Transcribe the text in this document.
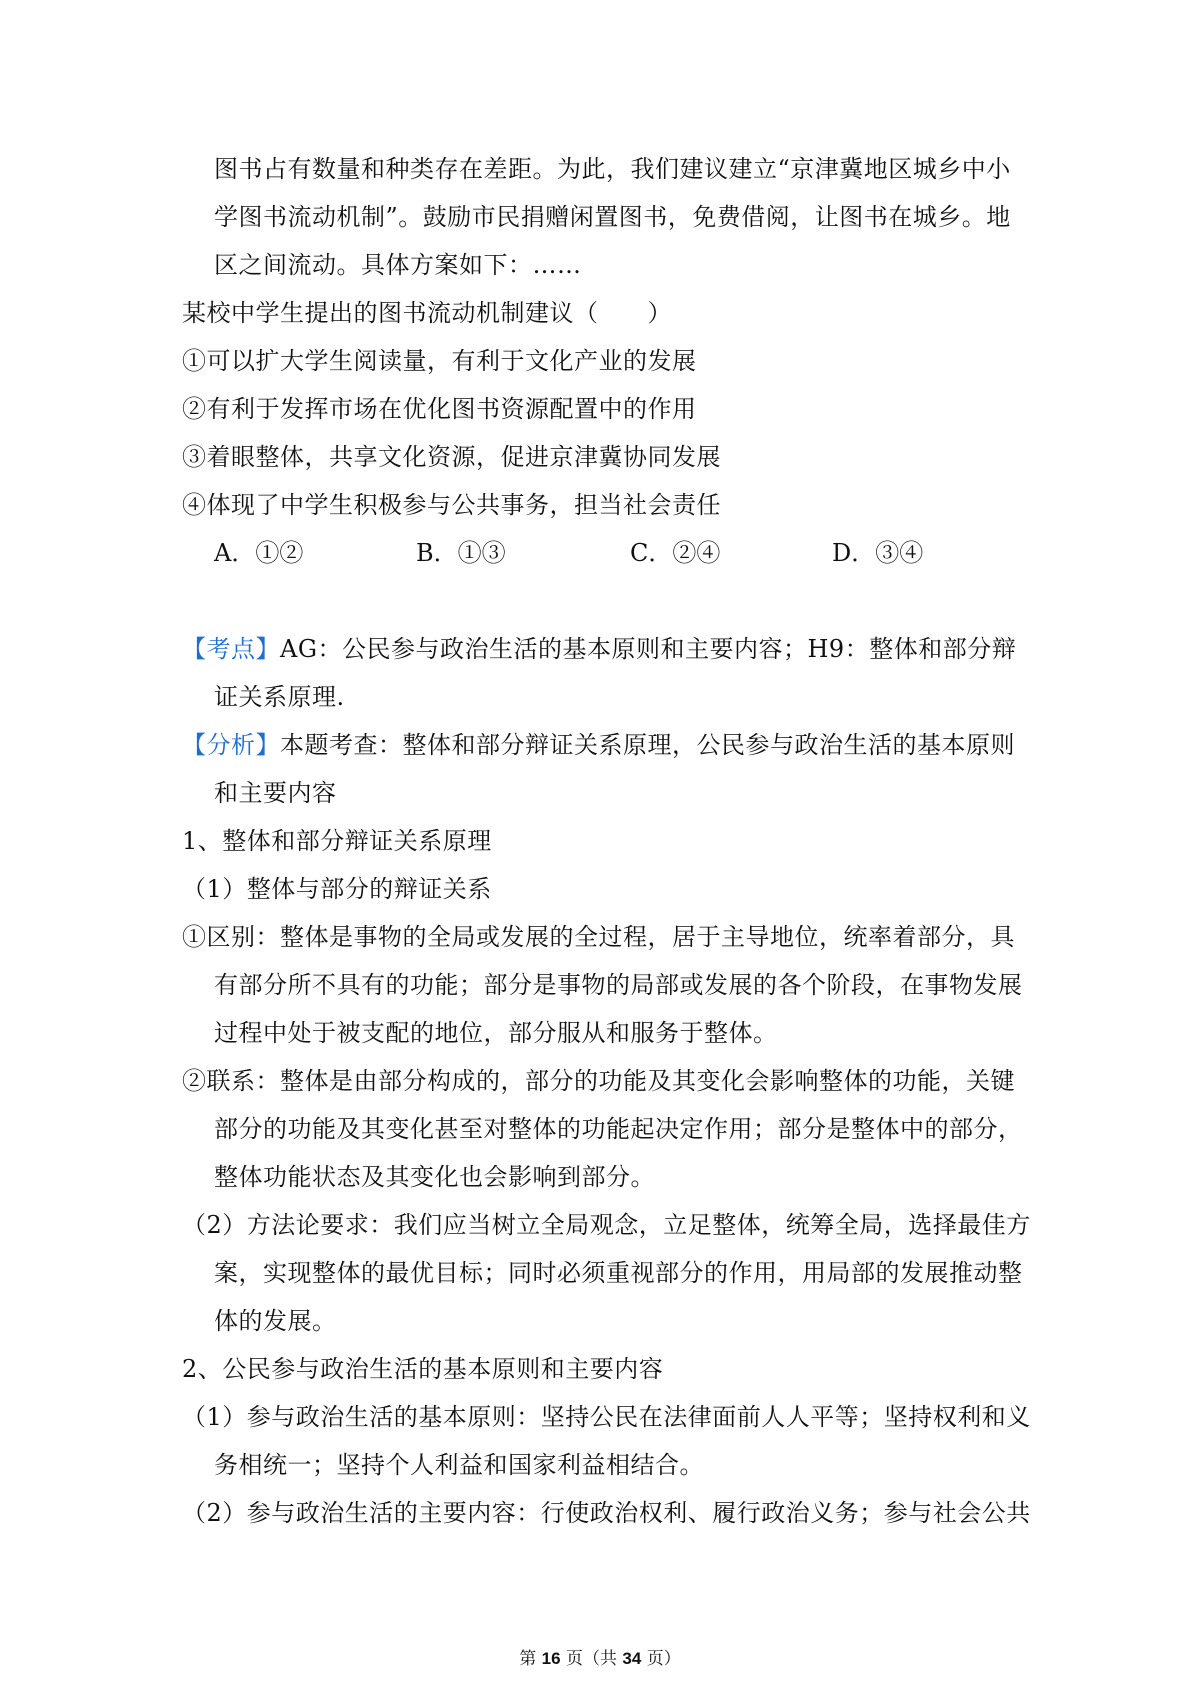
图书占有数量和种类存在差距。为此，我们建议建立“京津冀地区城乡中小
学图书流动机制”。鼓励市民捐赠闲置图书，免费借阅，让图书在城乡。地
区之间流动。具体方案如下：……
某校中学生提出的图书流动机制建议（　　）
①可以扩大学生阅读量，有利于文化产业的发展
②有利于发挥市场在优化图书资源配置中的作用
③着眼整体，共享文化资源，促进京津冀协同发展
④体现了中学生积极参与公共事务，担当社会责任
A．①②	B．①③	C．②④	D．③④
【考点】AG：公民参与政治生活的基本原则和主要内容；H9：整体和部分辩
证关系原理.
【分析】本题考查：整体和部分辩证关系原理，公民参与政治生活的基本原则
和主要内容
1、整体和部分辩证关系原理
（1）整体与部分的辩证关系
①区别：整体是事物的全局或发展的全过程，居于主导地位，统率着部分，具
有部分所不具有的功能；部分是事物的局部或发展的各个阶段，在事物发展
过程中处于被支配的地位，部分服从和服务于整体。
②联系：整体是由部分构成的，部分的功能及其变化会影响整体的功能，关键
部分的功能及其变化甚至对整体的功能起决定作用；部分是整体中的部分，
整体功能状态及其变化也会影响到部分。
（2）方法论要求：我们应当树立全局观念，立足整体，统筹全局，选择最佳方
案，实现整体的最优目标；同时必须重视部分的作用，用局部的发展推动整
体的发展。
2、公民参与政治生活的基本原则和主要内容
（1）参与政治生活的基本原则：坚持公民在法律面前人人平等；坚持权利和义
务相统一；坚持个人利益和国家利益相结合。
（2）参与政治生活的主要内容：行使政治权利、履行政治义务；参与社会公共
第 16 页（共 34 页）
